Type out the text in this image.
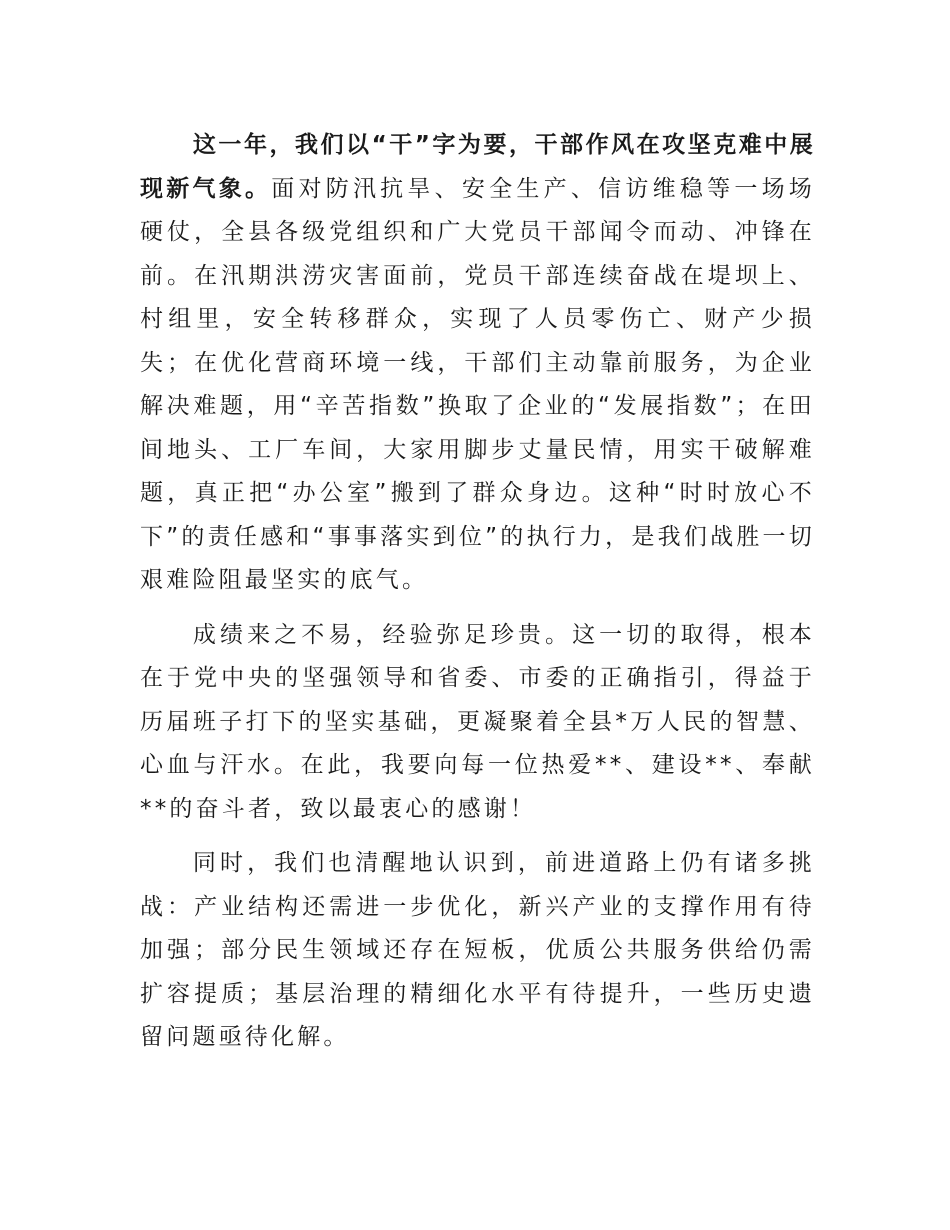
这一年，我们以“干”字为要，干部作风在攻坚克难中展现新气象。面对防汛抗旱、安全生产、信访维稳等一场场硬仗，全县各级党组织和广大党员干部闻令而动、冲锋在前。在汛期洪涝灾害面前，党员干部连续奋战在堤坝上、村组里，安全转移群众，实现了人员零伤亡、财产少损失；在优化营商环境一线，干部们主动靠前服务，为企业解决难题，用“辛苦指数”换取了企业的“发展指数”；在田间地头、工厂车间，大家用脚步丈量民情，用实干破解难题，真正把“办公室”搬到了群众身边。这种“时时放心不下”的责任感和“事事落实到位”的执行力，是我们战胜一切艰难险阻最坚实的底气。

成绩来之不易，经验弥足珍贵。这一切的取得，根本在于党中央的坚强领导和省委、市委的正确指引，得益于历届班子打下的坚实基础，更凝聚着全县*万人民的智慧、心血与汗水。在此，我要向每一位热爱**、建设**、奉献**的奋斗者，致以最衷心的感谢！

同时，我们也清醒地认识到，前进道路上仍有诸多挑战：产业结构还需进一步优化，新兴产业的支撑作用有待加强；部分民生领域还存在短板，优质公共服务供给仍需扩容提质；基层治理的精细化水平有待提升，一些历史遗留问题亟待化解。
